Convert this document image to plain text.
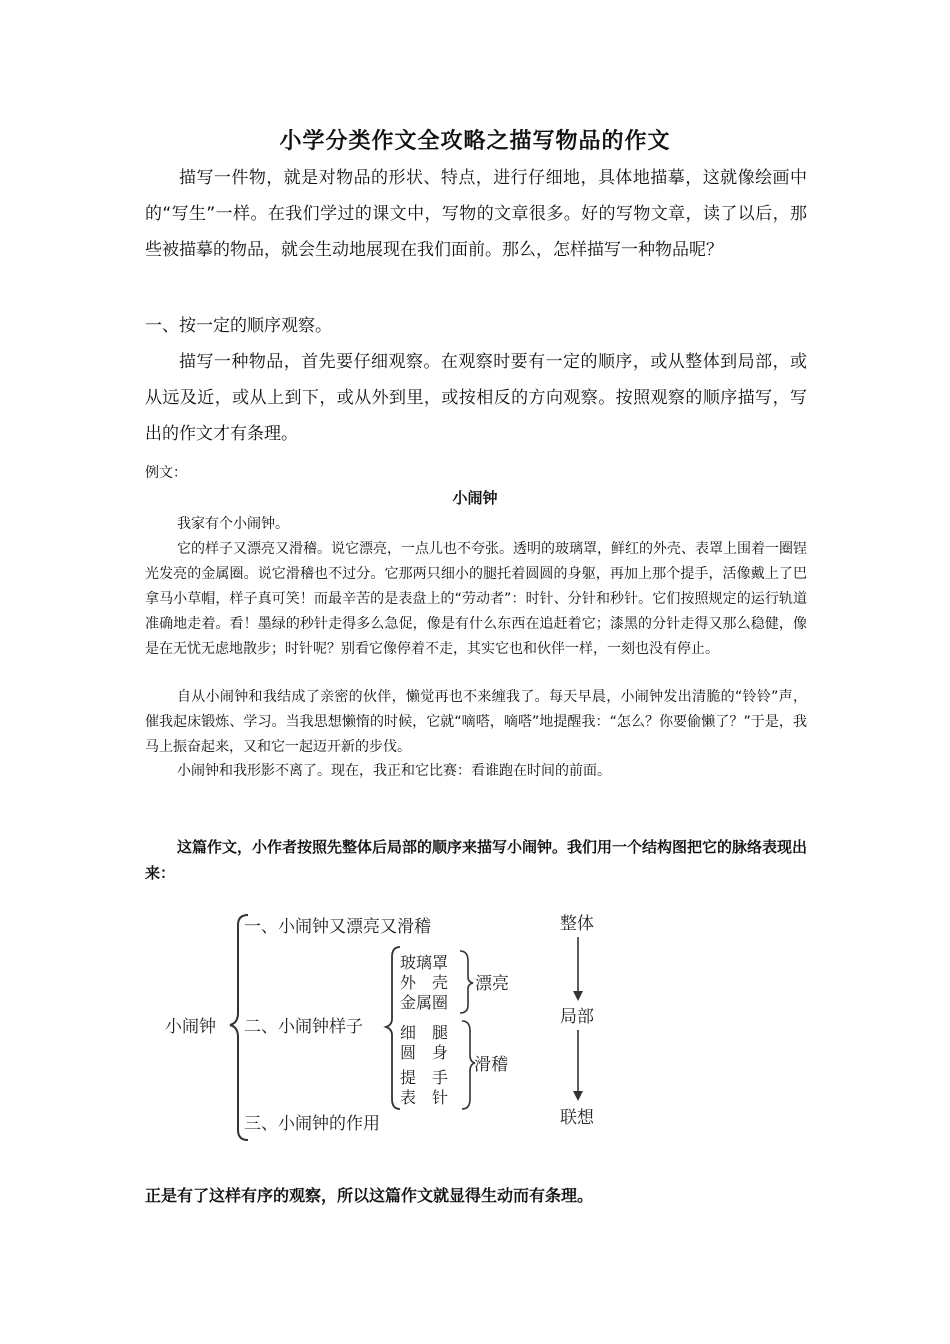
小学分类作文全攻略之描写物品的作文

描写一件物，就是对物品的形状、特点，进行仔细地，具体地描摹，这就像绘画中的“写生”一样。在我们学过的课文中，写物的文章很多。好的写物文章，读了以后，那些被描摹的物品，就会生动地展现在我们面前。那么，怎样描写一种物品呢？

一、按一定的顺序观察。

描写一种物品，首先要仔细观察。在观察时要有一定的顺序，或从整体到局部，或从远及近，或从上到下，或从外到里，或按相反的方向观察。按照观察的顺序描写，写出的作文才有条理。

例文：
小闹钟

我家有个小闹钟。

它的样子又漂亮又滑稽。说它漂亮，一点儿也不夸张。透明的玻璃罩，鲜红的外壳、表罩上围着一圈锃光发亮的金属圈。说它滑稽也不过分。它那两只细小的腿托着圆圆的身躯，再加上那个提手，活像戴上了巴拿马小草帽，样子真可笑！而最辛苦的是表盘上的“劳动者”：时针、分针和秒针。它们按照规定的运行轨道准确地走着。看！墨绿的秒针走得多么急促，像是有什么东西在追赶着它；漆黑的分针走得又那么稳健，像是在无忧无虑地散步；时针呢？别看它像停着不走，其实它也和伙伴一样，一刻也没有停止。

自从小闹钟和我结成了亲密的伙伴，懒觉再也不来缠我了。每天早晨，小闹钟发出清脆的“铃铃”声，催我起床锻炼、学习。当我思想懒惰的时候，它就“嘀嗒，嘀嗒”地提醒我：“怎么？你要偷懒了？”于是，我马上振奋起来，又和它一起迈开新的步伐。

小闹钟和我形影不离了。现在，我正和它比赛：看谁跑在时间的前面。

这篇作文，小作者按照先整体后局部的顺序来描写小闹钟。我们用一个结构图把它的脉络表现出来：

小闹钟
一、小闹钟又漂亮又滑稽
二、小闹钟样子
三、小闹钟的作用
玻璃罩
外　壳
金属圈
漂亮
细　腿
圆　身
提　手
表　针
滑稽
整体
局部
联想
正是有了这样有序的观察，所以这篇作文就显得生动而有条理。
